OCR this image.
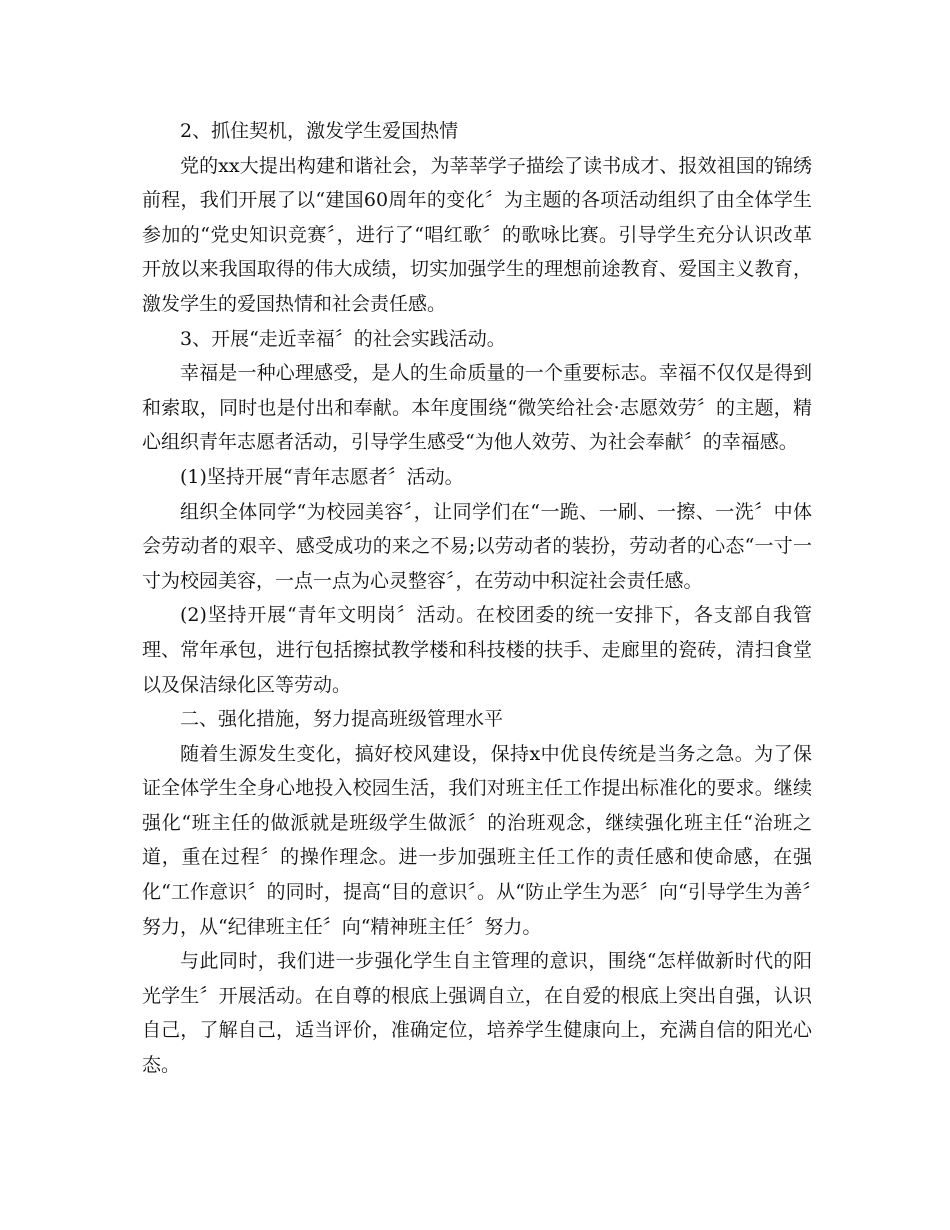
2、抓住契机，激发学生爱国热情

党的xx大提出构建和谐社会，为莘莘学子描绘了读书成才、报效祖国的锦绣前程，我们开展了以“建国60周年的变化〞为主题的各项活动组织了由全体学生参加的“党史知识竞赛〞，进行了“唱红歌〞的歌咏比赛。引导学生充分认识改革开放以来我国取得的伟大成绩，切实加强学生的理想前途教育、爱国主义教育，激发学生的爱国热情和社会责任感。

3、开展“走近幸福〞的社会实践活动。

幸福是一种心理感受，是人的生命质量的一个重要标志。幸福不仅仅是得到和索取，同时也是付出和奉献。本年度围绕“微笑给社会·志愿效劳〞的主题，精心组织青年志愿者活动，引导学生感受“为他人效劳、为社会奉献〞的幸福感。

(1)坚持开展“青年志愿者〞活动。

组织全体同学“为校园美容〞，让同学们在“一跪、一刷、一擦、一洗〞中体会劳动者的艰辛、感受成功的来之不易;以劳动者的装扮，劳动者的心态“一寸一寸为校园美容，一点一点为心灵整容〞，在劳动中积淀社会责任感。

(2)坚持开展“青年文明岗〞活动。在校团委的统一安排下，各支部自我管理、常年承包，进行包括擦拭教学楼和科技楼的扶手、走廊里的瓷砖，清扫食堂以及保洁绿化区等劳动。

二、强化措施，努力提高班级管理水平

随着生源发生变化，搞好校风建设，保持x中优良传统是当务之急。为了保证全体学生全身心地投入校园生活，我们对班主任工作提出标准化的要求。继续强化“班主任的做派就是班级学生做派〞的治班观念，继续强化班主任“治班之道，重在过程〞的操作理念。进一步加强班主任工作的责任感和使命感，在强化“工作意识〞的同时，提高“目的意识〞。从“防止学生为恶〞向“引导学生为善〞努力，从“纪律班主任〞向“精神班主任〞努力。

与此同时，我们进一步强化学生自主管理的意识，围绕“怎样做新时代的阳光学生〞开展活动。在自尊的根底上强调自立，在自爱的根底上突出自强，认识自己，了解自己，适当评价，准确定位，培养学生健康向上，充满自信的阳光心态。
